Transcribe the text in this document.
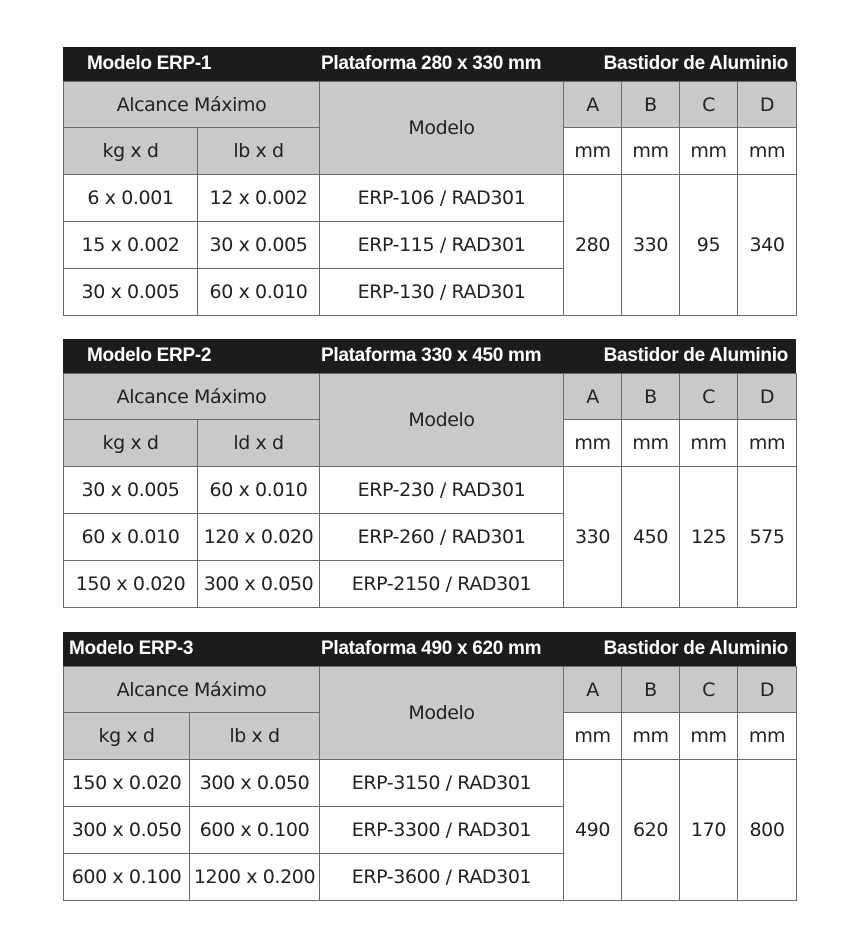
Modelo ERP-1	Plataforma 280 x 330 mm	Bastidor de Aluminio
Alcance Máximo		Modelo	A	B	C	D
kg x d	lb x d		mm	mm	mm	mm
6 x 0.001	12 x 0.002	ERP-106 / RAD301	280	330	95	340
15 x 0.002	30 x 0.005	ERP-115 / RAD301				
30 x 0.005	60 x 0.010	ERP-130 / RAD301				
Modelo ERP-2	Plataforma 330 x 450 mm	Bastidor de Aluminio
Alcance Máximo		Modelo	A	B	C	D
kg x d	ld x d		mm	mm	mm	mm
30 x 0.005	60 x 0.010	ERP-230 / RAD301	330	450	125	575
60 x 0.010	120 x 0.020	ERP-260 / RAD301				
150 x 0.020	300 x 0.050	ERP-2150 / RAD301				
Modelo ERP-3	Plataforma 490 x 620 mm	Bastidor de Aluminio
Alcance Máximo		Modelo	A	B	C	D
kg x d	lb x d		mm	mm	mm	mm
150 x 0.020	300 x 0.050	ERP-3150 / RAD301	490	620	170	800
300 x 0.050	600 x 0.100	ERP-3300 / RAD301				
600 x 0.100	1200 x 0.200	ERP-3600 / RAD301				
